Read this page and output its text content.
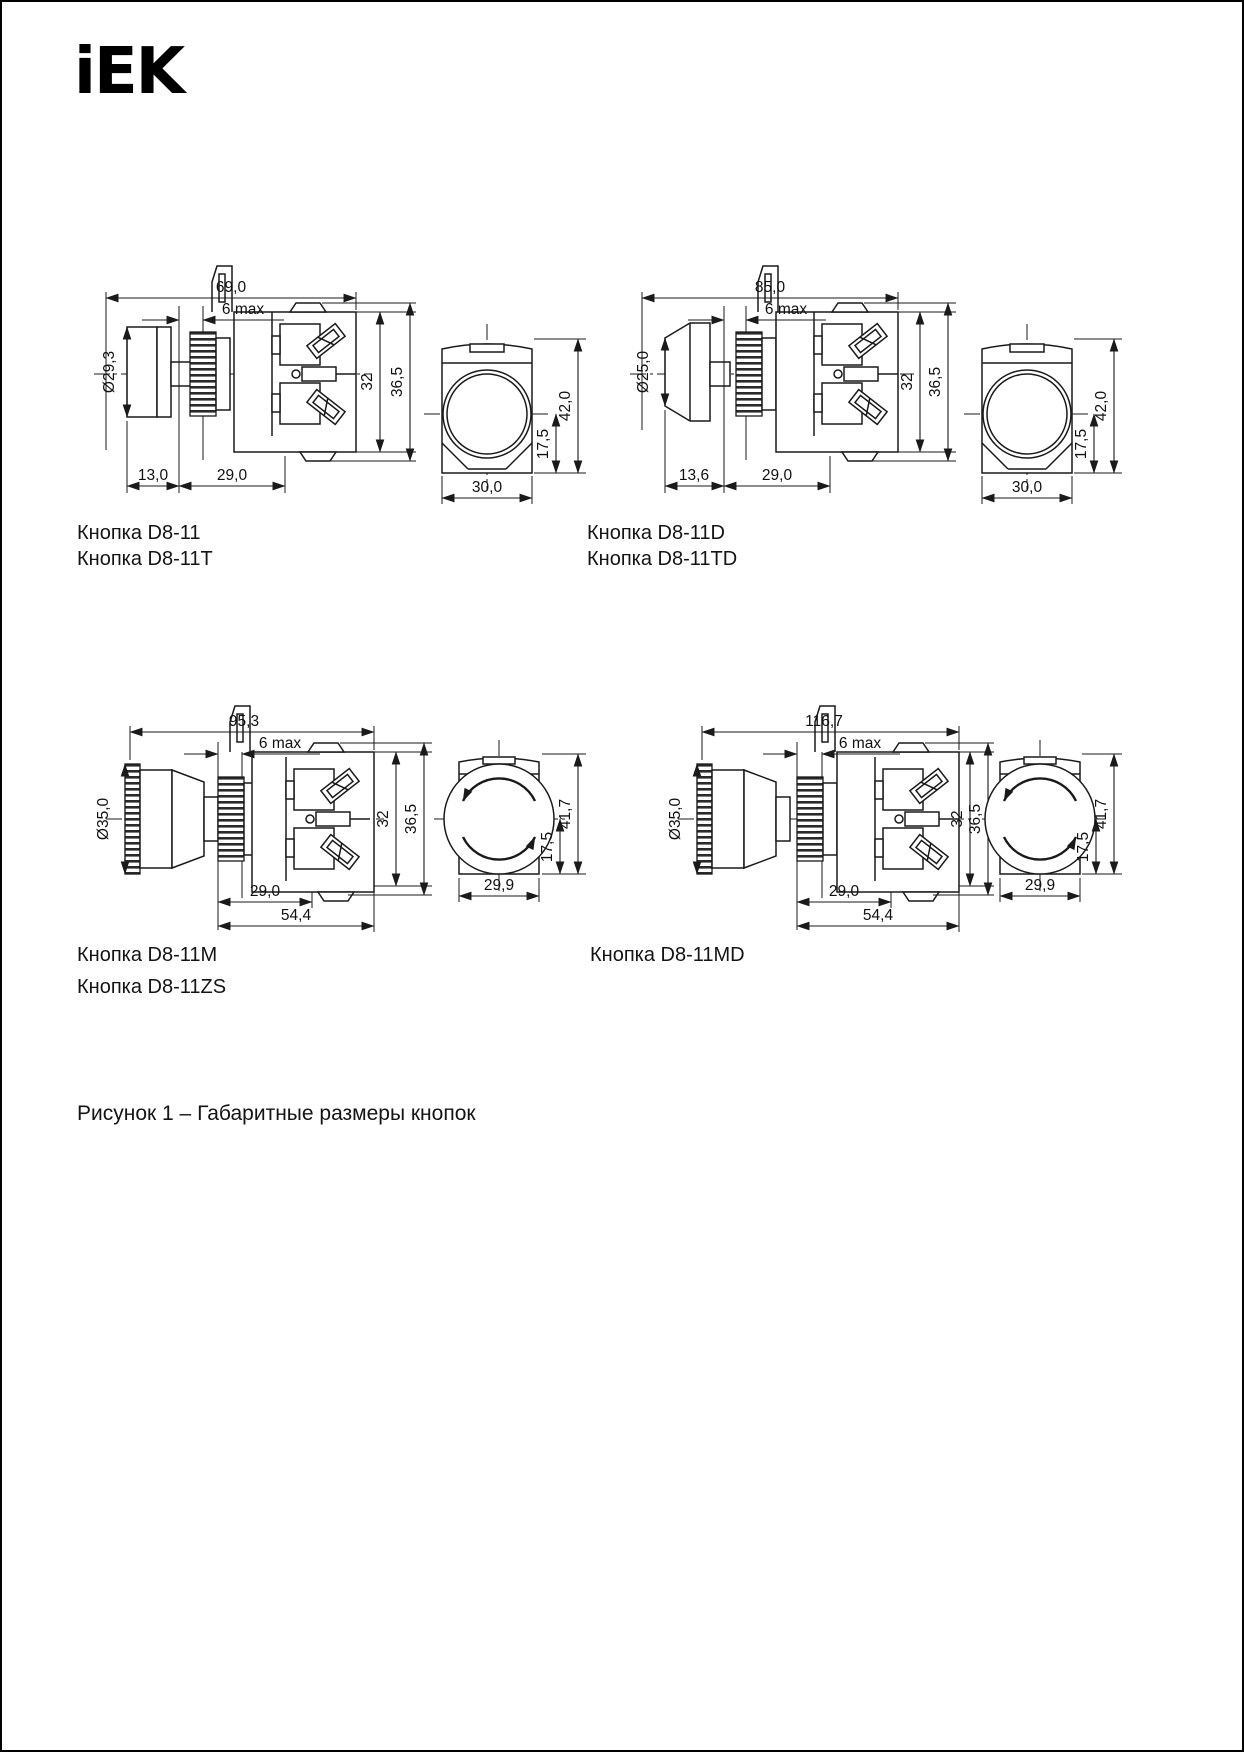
iEK
69,0
6 max
Ø29,3
13,0	29,0
32 36,5
30,0
17,5
42,0
Кнопка D8-11
Кнопка D8-11T
85,0
6 max
Ø25,0
13,6	29,0
32 36,5
30,0
17,5
42,0
Кнопка D8-11D
Кнопка D8-11TD
95,3
6 max
Ø35,0
29,0
54,4
32 36,5
29,9
17,5
41,7
Кнопка D8-11M
Кнопка D8-11ZS
116,7
6 max
Ø35,0
29,0
54,4
32 36,5
29,9
17,5
41,7
Кнопка D8-11MD
Рисунок 1 – Габаритные размеры кнопок
